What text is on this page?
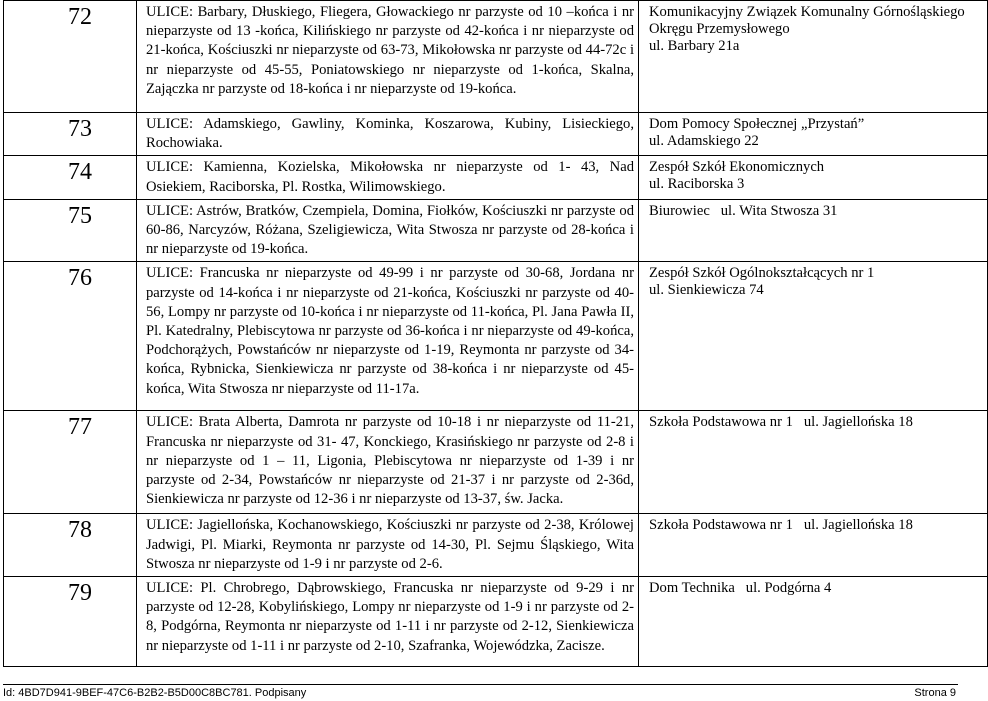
72	ULICE: Barbary, Dłuskiego, Fliegera, Głowackiego nr parzyste od 10 –końca i nr nieparzyste od 13 -końca, Kilińskiego nr parzyste od 42-końca i nr nieparzyste od 21-końca, Kościuszki nr nieparzyste od 63-73, Mikołowska nr parzyste od 44-72c i nr nieparzyste od 45-55, Poniatowskiego nr nieparzyste od 1-końca, Skalna, Zajączka nr parzyste od 18-końca i nr nieparzyste od 19-końca.	Komunikacyjny Związek Komunalny Górnośląskiego Okręgu Przemysłowego
ul. Barbary 21a

73	ULICE: Adamskiego, Gawliny, Kominka, Koszarowa, Kubiny, Lisieckiego, Rochowiaka.	Dom Pomocy Społecznej „Przystań”
ul. Adamskiego 22

74	ULICE: Kamienna, Kozielska, Mikołowska nr nieparzyste od 1- 43, Nad Osiekiem, Raciborska, Pl. Rostka, Wilimowskiego.	Zespół Szkół Ekonomicznych
ul. Raciborska 3

75	ULICE: Astrów, Bratków, Czempiela, Domina, Fiołków, Kościuszki nr parzyste od 60-86, Narcyzów, Różana, Szeligiewicza, Wita Stwosza nr parzyste od 28-końca i nr nieparzyste od 19-końca.	Biurowiec   ul. Wita Stwosza 31

76	ULICE: Francuska nr nieparzyste od 49-99 i nr parzyste od 30-68, Jordana nr parzyste od 14-końca i nr nieparzyste od 21-końca, Kościuszki nr parzyste od 40-56, Lompy nr parzyste od 10-końca i nr nieparzyste od 11-końca, Pl. Jana Pawła II, Pl. Katedralny, Plebiscytowa nr parzyste od 36-końca i nr nieparzyste od 49-końca, Podchorążych, Powstańców nr nieparzyste od 1-19, Reymonta nr parzyste od 34-końca, Rybnicka, Sienkiewicza nr parzyste od 38-końca i nr nieparzyste od 45-końca, Wita Stwosza nr nieparzyste od 11-17a.	Zespół Szkół Ogólnokształcących nr 1
ul. Sienkiewicza 74

77	ULICE: Brata Alberta, Damrota nr parzyste od 10-18 i nr nieparzyste od 11-21, Francuska nr nieparzyste od 31- 47, Konckiego, Krasińskiego nr parzyste od 2-8 i nr nieparzyste od 1 – 11, Ligonia, Plebiscytowa nr nieparzyste od 1-39 i nr parzyste od 2-34, Powstańców nr nieparzyste od 21-37 i nr parzyste od 2-36d, Sienkiewicza nr parzyste od 12-36 i nr nieparzyste od 13-37, św. Jacka.	Szkoła Podstawowa nr 1   ul. Jagiellońska 18

78	ULICE: Jagiellońska, Kochanowskiego, Kościuszki nr parzyste od 2-38, Królowej Jadwigi, Pl. Miarki, Reymonta nr parzyste od 14-30, Pl. Sejmu Śląskiego, Wita Stwosza nr nieparzyste od 1-9 i nr parzyste od 2-6.	Szkoła Podstawowa nr 1   ul. Jagiellońska 18

79	ULICE: Pl. Chrobrego, Dąbrowskiego, Francuska nr nieparzyste od 9-29 i nr parzyste od 12-28, Kobylińskiego, Lompy nr nieparzyste od 1-9 i nr parzyste od 2-8, Podgórna, Reymonta nr nieparzyste od 1-11 i nr parzyste od 2-12, Sienkiewicza nr nieparzyste od 1-11 i nr parzyste od 2-10, Szafranka, Wojewódzka, Zacisze.	Dom Technika   ul. Podgórna 4
Id: 4BD7D941-9BEF-47C6-B2B2-B5D00C8BC781. Podpisany	Strona 9
